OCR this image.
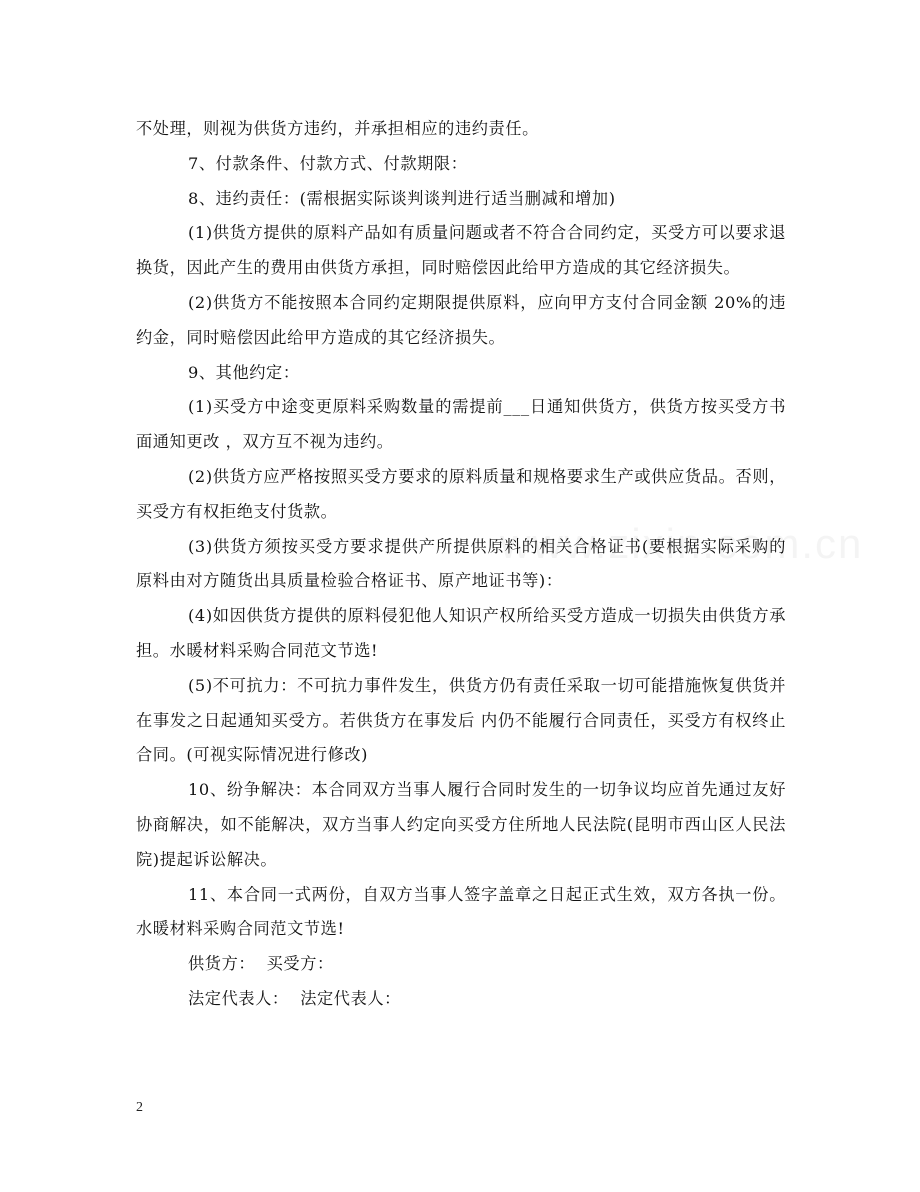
不处理，则视为供货方违约，并承担相应的违约责任。

7、付款条件、付款方式、付款期限：

8、违约责任：(需根据实际谈判谈判进行适当删减和增加)

(1)供货方提供的原料产品如有质量问题或者不符合合同约定，买受方可以要求退换货，因此产生的费用由供货方承担，同时赔偿因此给甲方造成的其它经济损失。

(2)供货方不能按照本合同约定期限提供原料，应向甲方支付合同金额 20%的违约金，同时赔偿因此给甲方造成的其它经济损失。

9、其他约定：

(1)买受方中途变更原料采购数量的需提前___日通知供货方，供货方按买受方书面通知更改 ，双方互不视为违约。

(2)供货方应严格按照买受方要求的原料质量和规格要求生产或供应货品。否则，买受方有权拒绝支付货款。

(3)供货方须按买受方要求提供产所提供原料的相关合格证书(要根据实际采购的原料由对方随货出具质量检验合格证书、原产地证书等)：

(4)如因供货方提供的原料侵犯他人知识产权所给买受方造成一切损失由供货方承担。水暖材料采购合同范文节选!

(5)不可抗力：不可抗力事件发生，供货方仍有责任采取一切可能措施恢复供货并在事发之日起通知买受方。若供货方在事发后 内仍不能履行合同责任，买受方有权终止合同。(可视实际情况进行修改)

10、纷争解决：本合同双方当事人履行合同时发生的一切争议均应首先通过友好协商解决，如不能解决，双方当事人约定向买受方住所地人民法院(昆明市西山区人民法院)提起诉讼解决。

11、本合同一式两份，自双方当事人签字盖章之日起正式生效，双方各执一份。水暖材料采购合同范文节选!

供货方：  买受方：

法定代表人：  法定代表人：

2
